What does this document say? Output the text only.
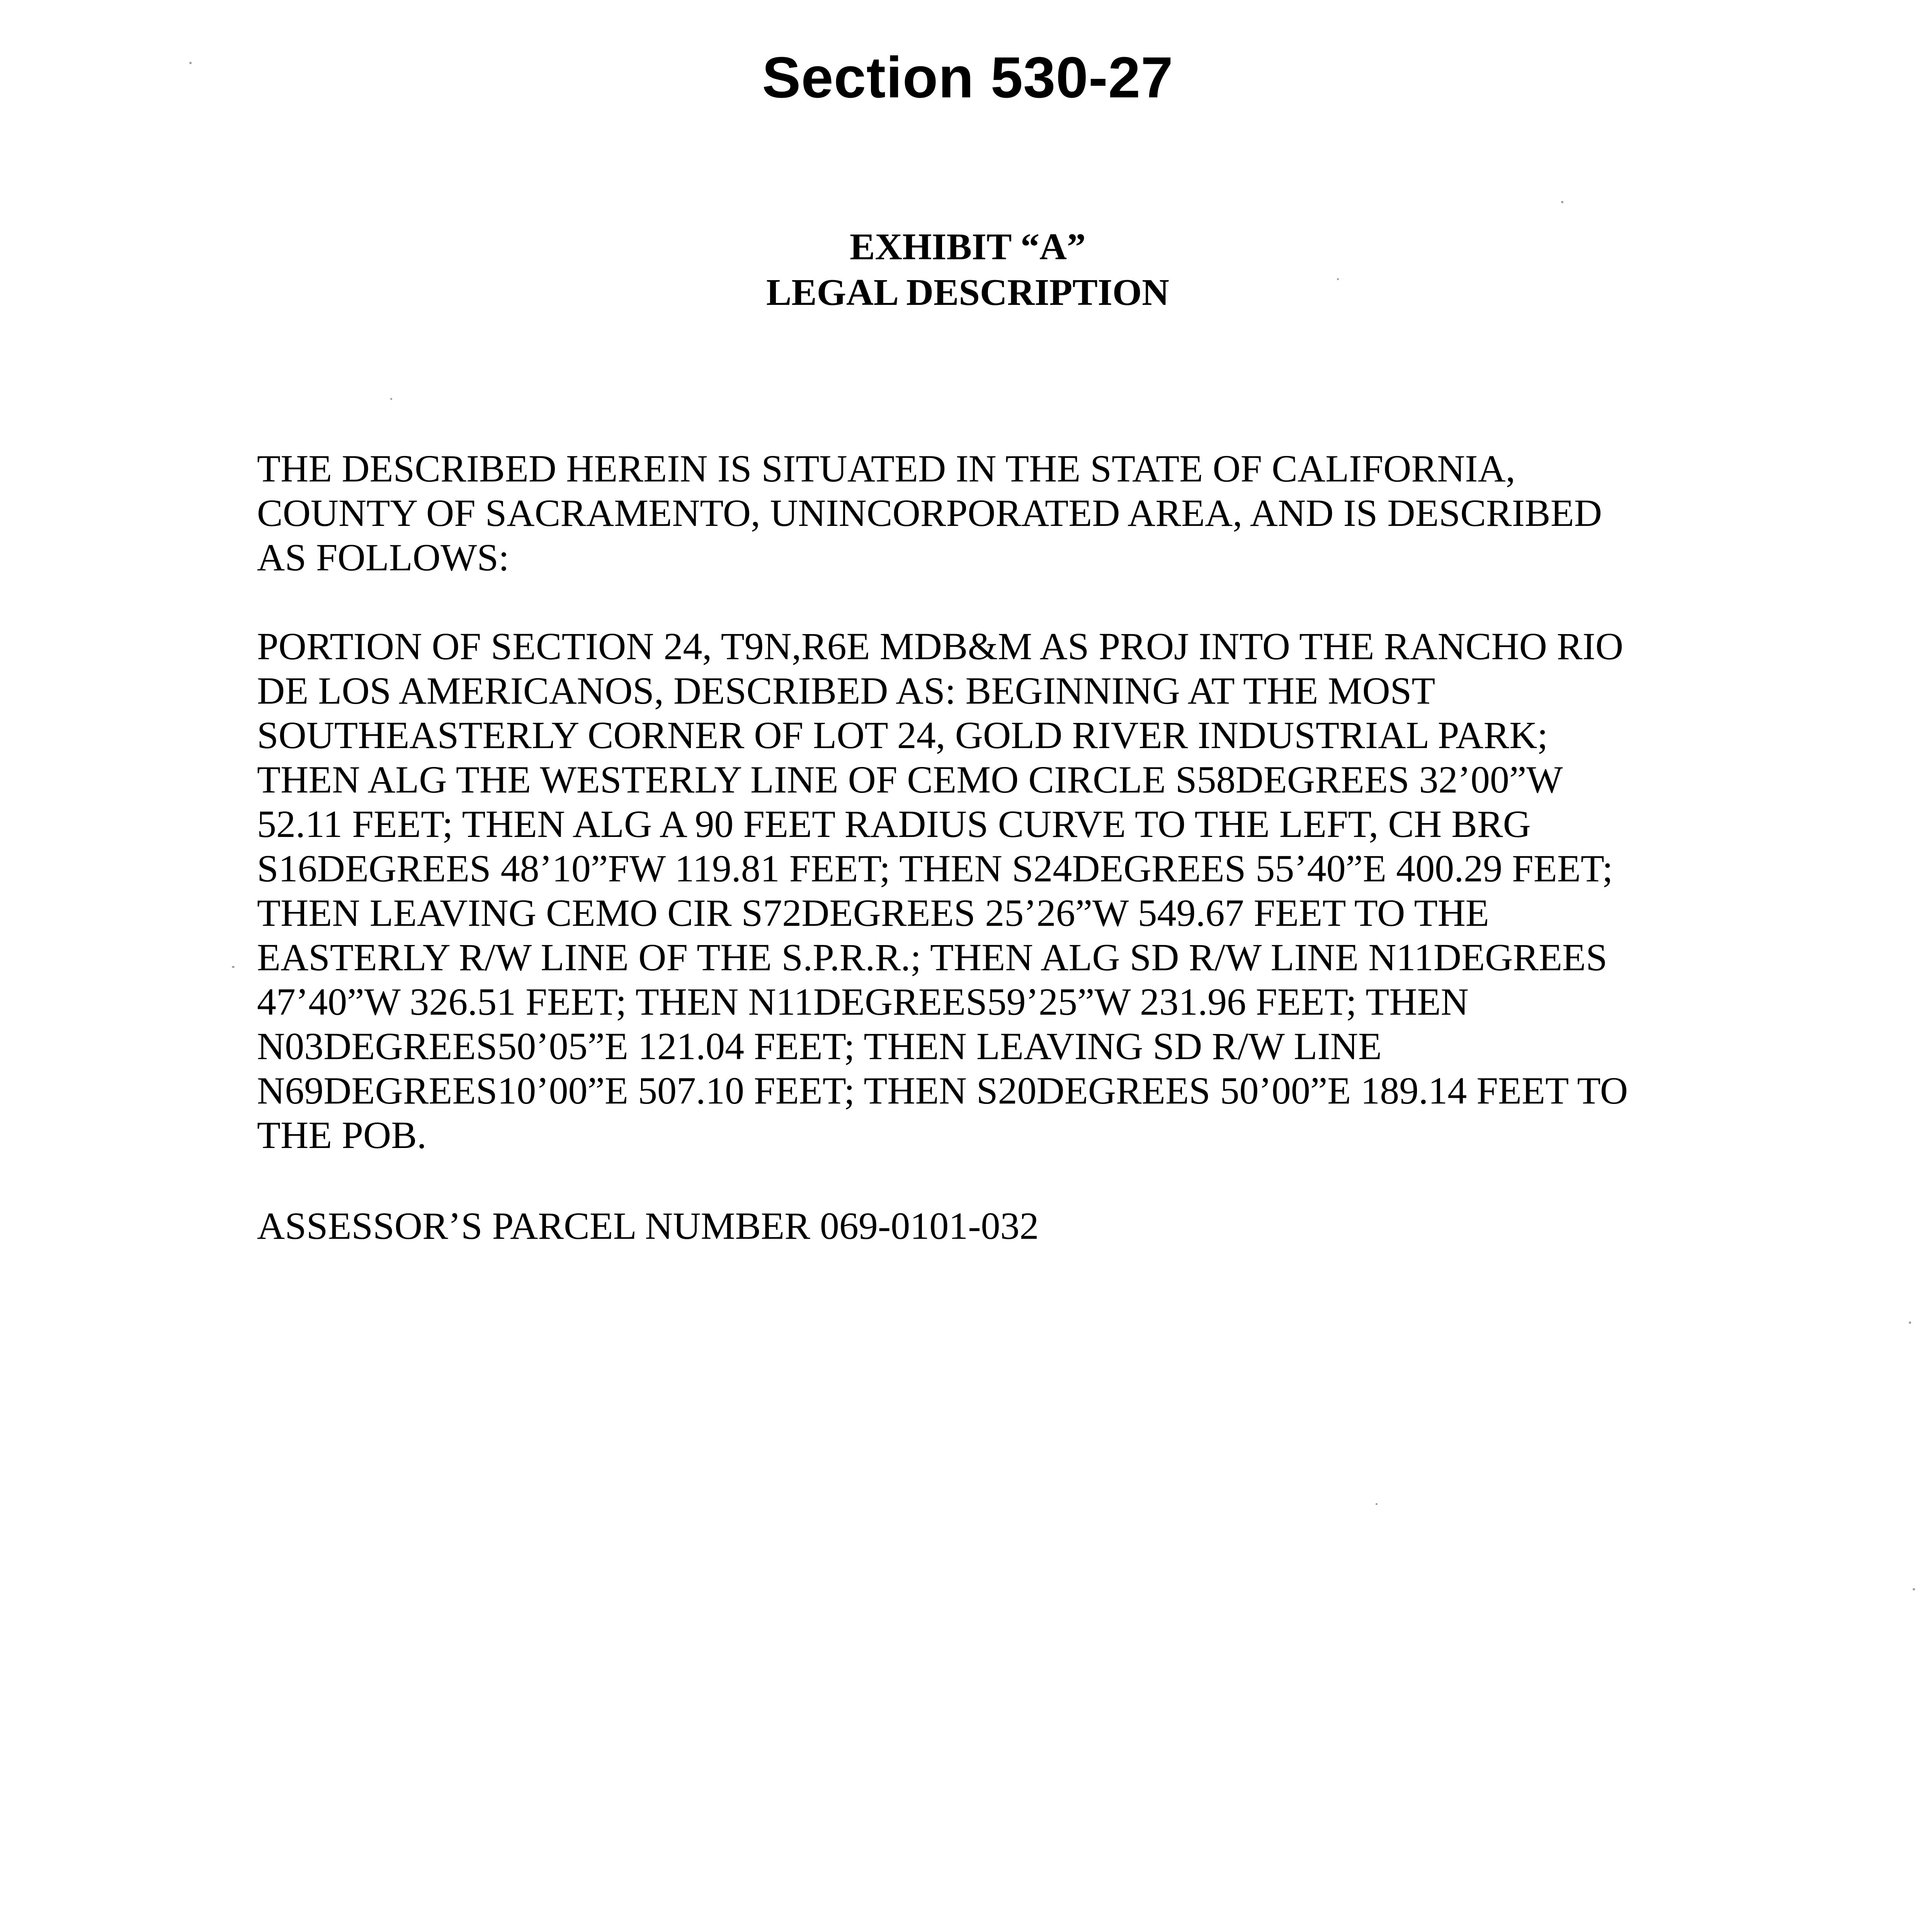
Section 530-27
EXHIBIT “A”
LEGAL DESCRIPTION
THE DESCRIBED HEREIN IS SITUATED IN THE STATE OF CALIFORNIA,
COUNTY OF SACRAMENTO, UNINCORPORATED AREA, AND IS DESCRIBED
AS FOLLOWS:
PORTION OF SECTION 24, T9N,R6E MDB&M AS PROJ INTO THE RANCHO RIO
DE LOS AMERICANOS, DESCRIBED AS: BEGINNING AT THE MOST
SOUTHEASTERLY CORNER OF LOT 24, GOLD RIVER INDUSTRIAL PARK;
THEN ALG THE WESTERLY LINE OF CEMO CIRCLE S58DEGREES 32’00”W
52.11 FEET; THEN ALG A 90 FEET RADIUS CURVE TO THE LEFT, CH BRG
S16DEGREES 48’10”FW 119.81 FEET; THEN S24DEGREES 55’40”E 400.29 FEET;
THEN LEAVING CEMO CIR S72DEGREES 25’26”W 549.67 FEET TO THE
EASTERLY R/W LINE OF THE S.P.R.R.; THEN ALG SD R/W LINE N11DEGREES
47’40”W 326.51 FEET; THEN N11DEGREES59’25”W 231.96 FEET; THEN
N03DEGREES50’05”E 121.04 FEET; THEN LEAVING SD R/W LINE
N69DEGREES10’00”E 507.10 FEET; THEN S20DEGREES 50’00”E 189.14 FEET TO
THE POB.
ASSESSOR’S PARCEL NUMBER 069-0101-032
